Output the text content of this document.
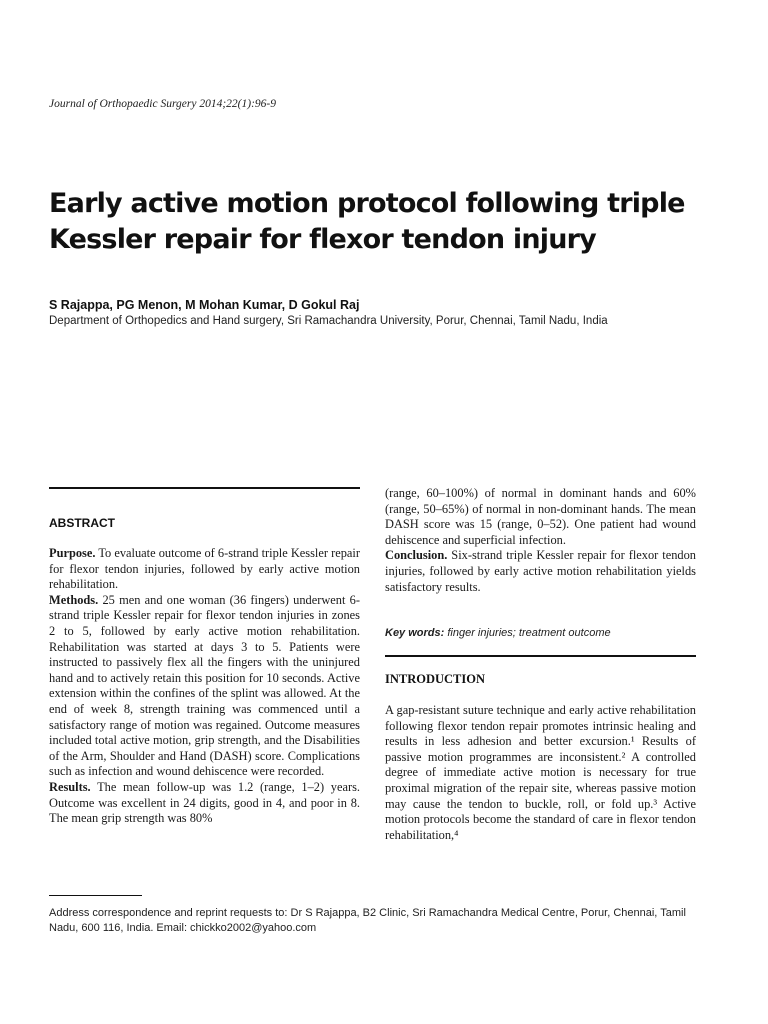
Journal of Orthopaedic Surgery 2014;22(1):96-9
Early active motion protocol following triple Kessler repair for flexor tendon injury
S Rajappa, PG Menon, M Mohan Kumar, D Gokul Raj
Department of Orthopedics and Hand surgery, Sri Ramachandra University, Porur, Chennai, Tamil Nadu, India
ABSTRACT

Purpose. To evaluate outcome of 6-strand triple Kessler repair for flexor tendon injuries, followed by early active motion rehabilitation.

Methods. 25 men and one woman (36 fingers) underwent 6-strand triple Kessler repair for flexor tendon injuries in zones 2 to 5, followed by early active motion rehabilitation. Rehabilitation was started at days 3 to 5. Patients were instructed to passively flex all the fingers with the uninjured hand and to actively retain this position for 10 seconds. Active extension within the confines of the splint was allowed. At the end of week 8, strength training was commenced until a satisfactory range of motion was regained. Outcome measures included total active motion, grip strength, and the Disabilities of the Arm, Shoulder and Hand (DASH) score. Complications such as infection and wound dehiscence were recorded.

Results. The mean follow-up was 1.2 (range, 1–2) years. Outcome was excellent in 24 digits, good in 4, and poor in 8. The mean grip strength was 80%

(range, 60–100%) of normal in dominant hands and 60% (range, 50–65%) of normal in non-dominant hands. The mean DASH score was 15 (range, 0–52). One patient had wound dehiscence and superficial infection.

Conclusion. Six-strand triple Kessler repair for flexor tendon injuries, followed by early active motion rehabilitation yields satisfactory results.

Key words: finger injuries; treatment outcome
INTRODUCTION

A gap-resistant suture technique and early active rehabilitation following flexor tendon repair promotes intrinsic healing and results in less adhesion and better excursion.¹ Results of passive motion programmes are inconsistent.² A controlled degree of immediate active motion is necessary for true proximal migration of the repair site, whereas passive motion may cause the tendon to buckle, roll, or fold up.³ Active motion protocols become the standard of care in flexor tendon rehabilitation,⁴

Address correspondence and reprint requests to: Dr S Rajappa, B2 Clinic, Sri Ramachandra Medical Centre, Porur, Chennai, Tamil Nadu, 600 116, India. Email: chickko2002@yahoo.com
